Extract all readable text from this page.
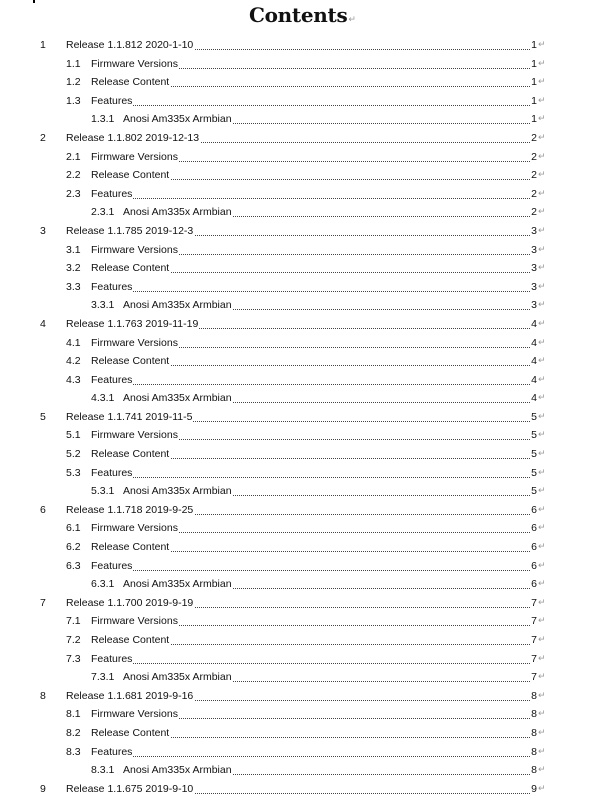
Contents↵
1 Release 1.1.812 2020-1-10	1 ↵
1.1 Firmware Versions	1 ↵
1.2 Release Content	1 ↵
1.3 Features	1 ↵
1.3.1 Anosi Am335x Armbian	1 ↵
2 Release 1.1.802 2019-12-13	2 ↵
2.1 Firmware Versions	2 ↵
2.2 Release Content	2 ↵
2.3 Features	2 ↵
2.3.1 Anosi Am335x Armbian	2 ↵
3 Release 1.1.785 2019-12-3	3 ↵
3.1 Firmware Versions	3 ↵
3.2 Release Content	3 ↵
3.3 Features	3 ↵
3.3.1 Anosi Am335x Armbian	3 ↵
4 Release 1.1.763 2019-11-19	4 ↵
4.1 Firmware Versions	4 ↵
4.2 Release Content	4 ↵
4.3 Features	4 ↵
4.3.1 Anosi Am335x Armbian	4 ↵
5 Release 1.1.741 2019-11-5	5 ↵
5.1 Firmware Versions	5 ↵
5.2 Release Content	5 ↵
5.3 Features	5 ↵
5.3.1 Anosi Am335x Armbian	5 ↵
6 Release 1.1.718 2019-9-25	6 ↵
6.1 Firmware Versions	6 ↵
6.2 Release Content	6 ↵
6.3 Features	6 ↵
6.3.1 Anosi Am335x Armbian	6 ↵
7 Release 1.1.700 2019-9-19	7 ↵
7.1 Firmware Versions	7 ↵
7.2 Release Content	7 ↵
7.3 Features	7 ↵
7.3.1 Anosi Am335x Armbian	7 ↵
8 Release 1.1.681 2019-9-16	8 ↵
8.1 Firmware Versions	8 ↵
8.2 Release Content	8 ↵
8.3 Features	8 ↵
8.3.1 Anosi Am335x Armbian	8 ↵
9 Release 1.1.675 2019-9-10	9 ↵
